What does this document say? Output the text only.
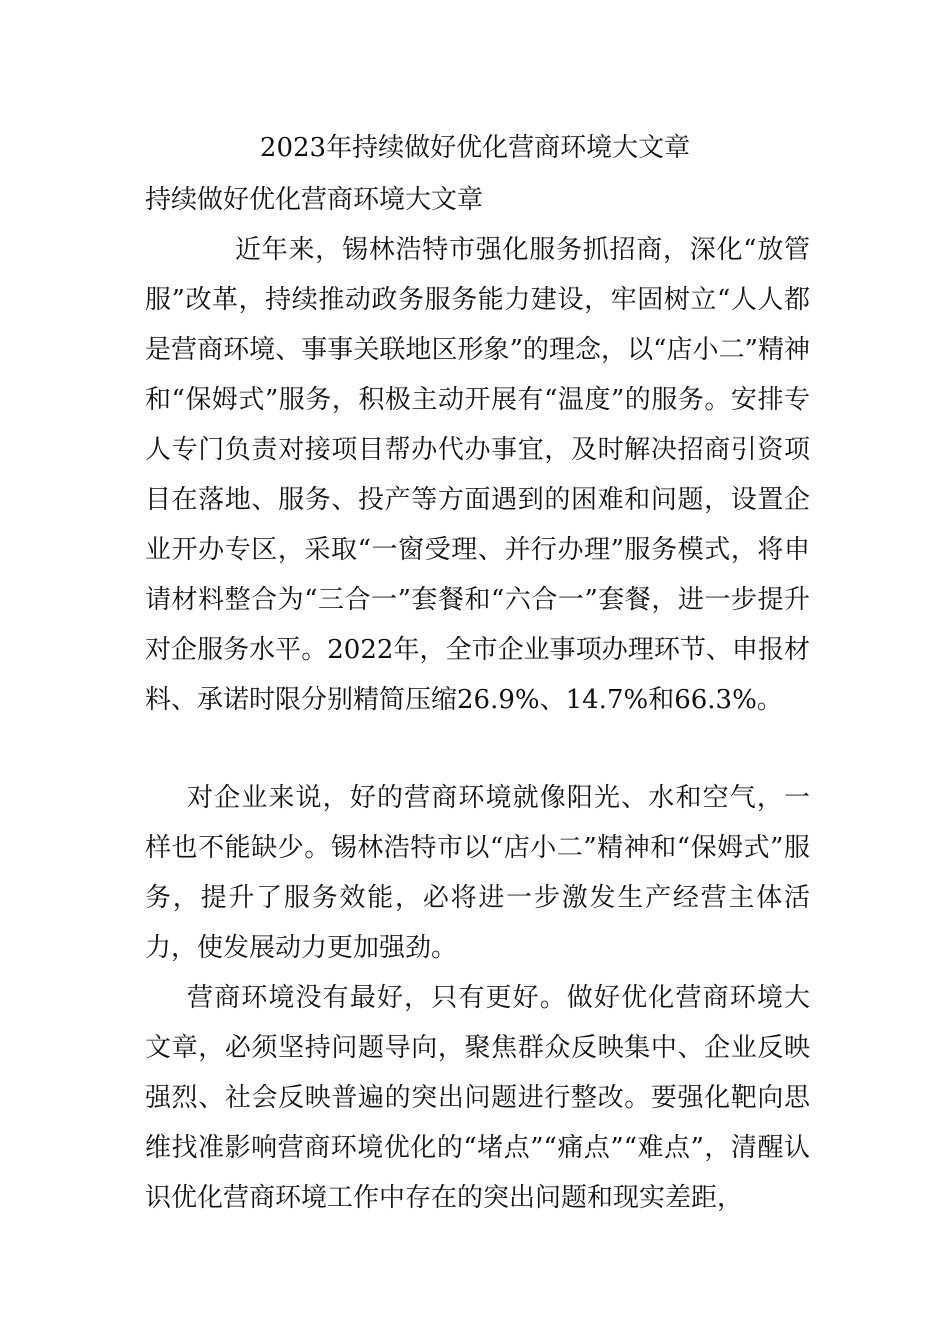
2023年持续做好优化营商环境大文章
持续做好优化营商环境大文章

近年来，锡林浩特市强化服务抓招商，深化“放管服”改革，持续推动政务服务能力建设，牢固树立“人人都是营商环境、事事关联地区形象”的理念，以“店小二”精神和“保姆式”服务，积极主动开展有“温度”的服务。安排专人专门负责对接项目帮办代办事宜，及时解决招商引资项目在落地、服务、投产等方面遇到的困难和问题，设置企业开办专区，采取“一窗受理、并行办理”服务模式，将申请材料整合为“三合一”套餐和“六合一”套餐，进一步提升对企服务水平。2022年，全市企业事项办理环节、申报材料、承诺时限分别精简压缩26.9%、14.7%和66.3%。

对企业来说，好的营商环境就像阳光、水和空气，一样也不能缺少。锡林浩特市以“店小二”精神和“保姆式”服务，提升了服务效能，必将进一步激发生产经营主体活力，使发展动力更加强劲。

营商环境没有最好，只有更好。做好优化营商环境大文章，必须坚持问题导向，聚焦群众反映集中、企业反映强烈、社会反映普遍的突出问题进行整改。要强化靶向思维找准影响营商环境优化的“堵点”“痛点”“难点”，清醒认识优化营商环境工作中存在的突出问题和现实差距，
